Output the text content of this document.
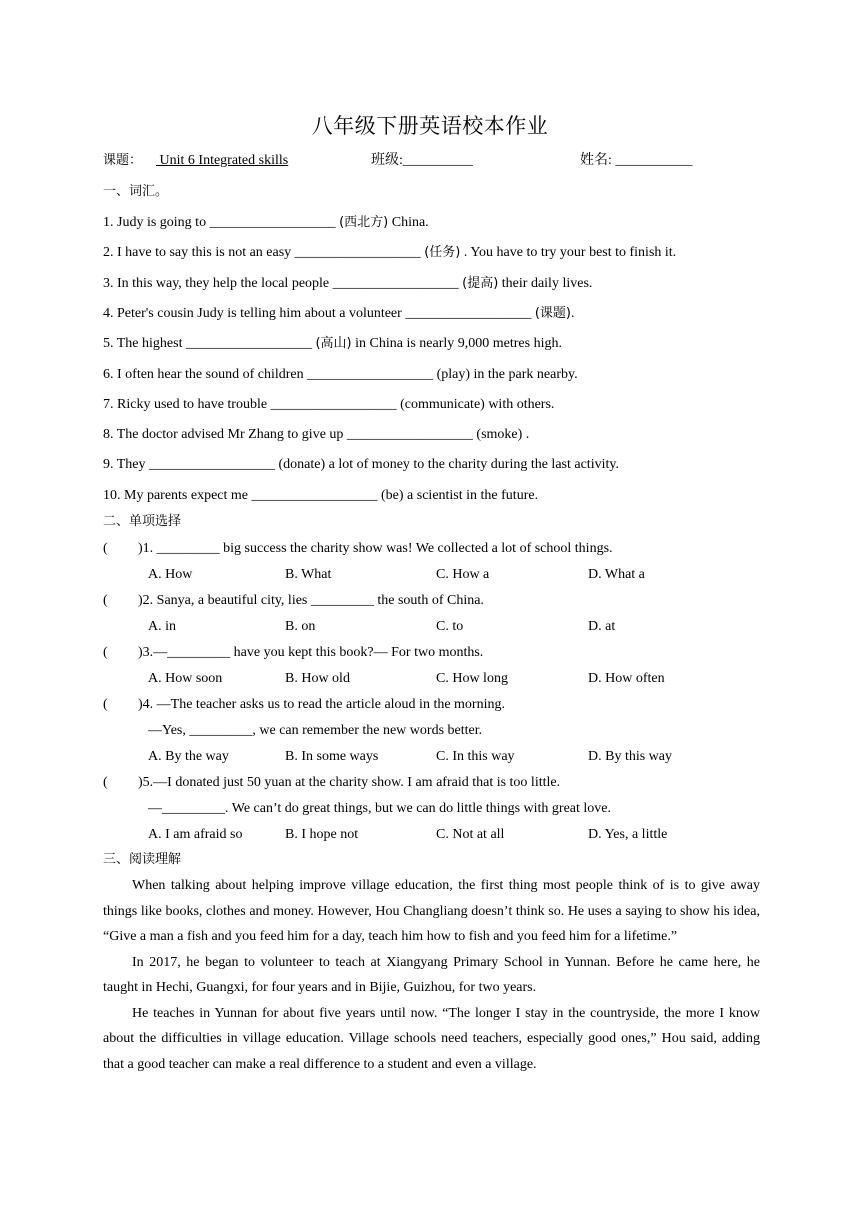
八年级下册英语校本作业
课题： Unit 6 Integrated skills	班级:__________	姓名: ___________
一、词汇。
1. Judy is going to __________________ (西北方) China.
2. I have to say this is not an easy __________________ (任务) . You have to try your best to finish it.
3. In this way, they help the local people __________________ (提高) their daily lives.
4. Peter's cousin Judy is telling him about a volunteer __________________ (课题).
5. The highest __________________ (高山) in China is nearly 9,000 metres high.
6. I often hear the sound of children __________________ (play) in the park nearby.
7. Ricky used to have trouble __________________ (communicate) with others.
8. The doctor advised Mr Zhang to give up __________________ (smoke) .
9. They __________________ (donate) a lot of money to the charity during the last activity.
10. My parents expect me __________________ (be) a scientist in the future.
二、单项选择
( )1. _________ big success the charity show was! We collected a lot of school things.
A. How	B. What	C. How a	D. What a
( )2. Sanya, a beautiful city, lies _________ the south of China.
A. in	B. on	C. to	D. at
( )3.—_________ have you kept this book?— For two months.
A. How soon	B. How old	C. How long	D. How often
( )4. —The teacher asks us to read the article aloud in the morning.
—Yes, _________, we can remember the new words better.
A. By the way	B. In some ways	C. In this way	D. By this way
( )5.—I donated just 50 yuan at the charity show. I am afraid that is too little.
—_________. We can’t do great things, but we can do little things with great love.
A. I am afraid so	B. I hope not	C. Not at all	D. Yes, a little
三、阅读理解

When talking about helping improve village education, the first thing most people think of is to give away things like books, clothes and money. However, Hou Changliang doesn’t think so. He uses a saying to show his idea, “Give a man a fish and you feed him for a day, teach him how to fish and you feed him for a lifetime.”

In 2017, he began to volunteer to teach at Xiangyang Primary School in Yunnan. Before he came here, he taught in Hechi, Guangxi, for four years and in Bijie, Guizhou, for two years.

He teaches in Yunnan for about five years until now. “The longer I stay in the countryside, the more I know about the difficulties in village education. Village schools need teachers, especially good ones,” Hou said, adding that a good teacher can make a real difference to a student and even a village.
